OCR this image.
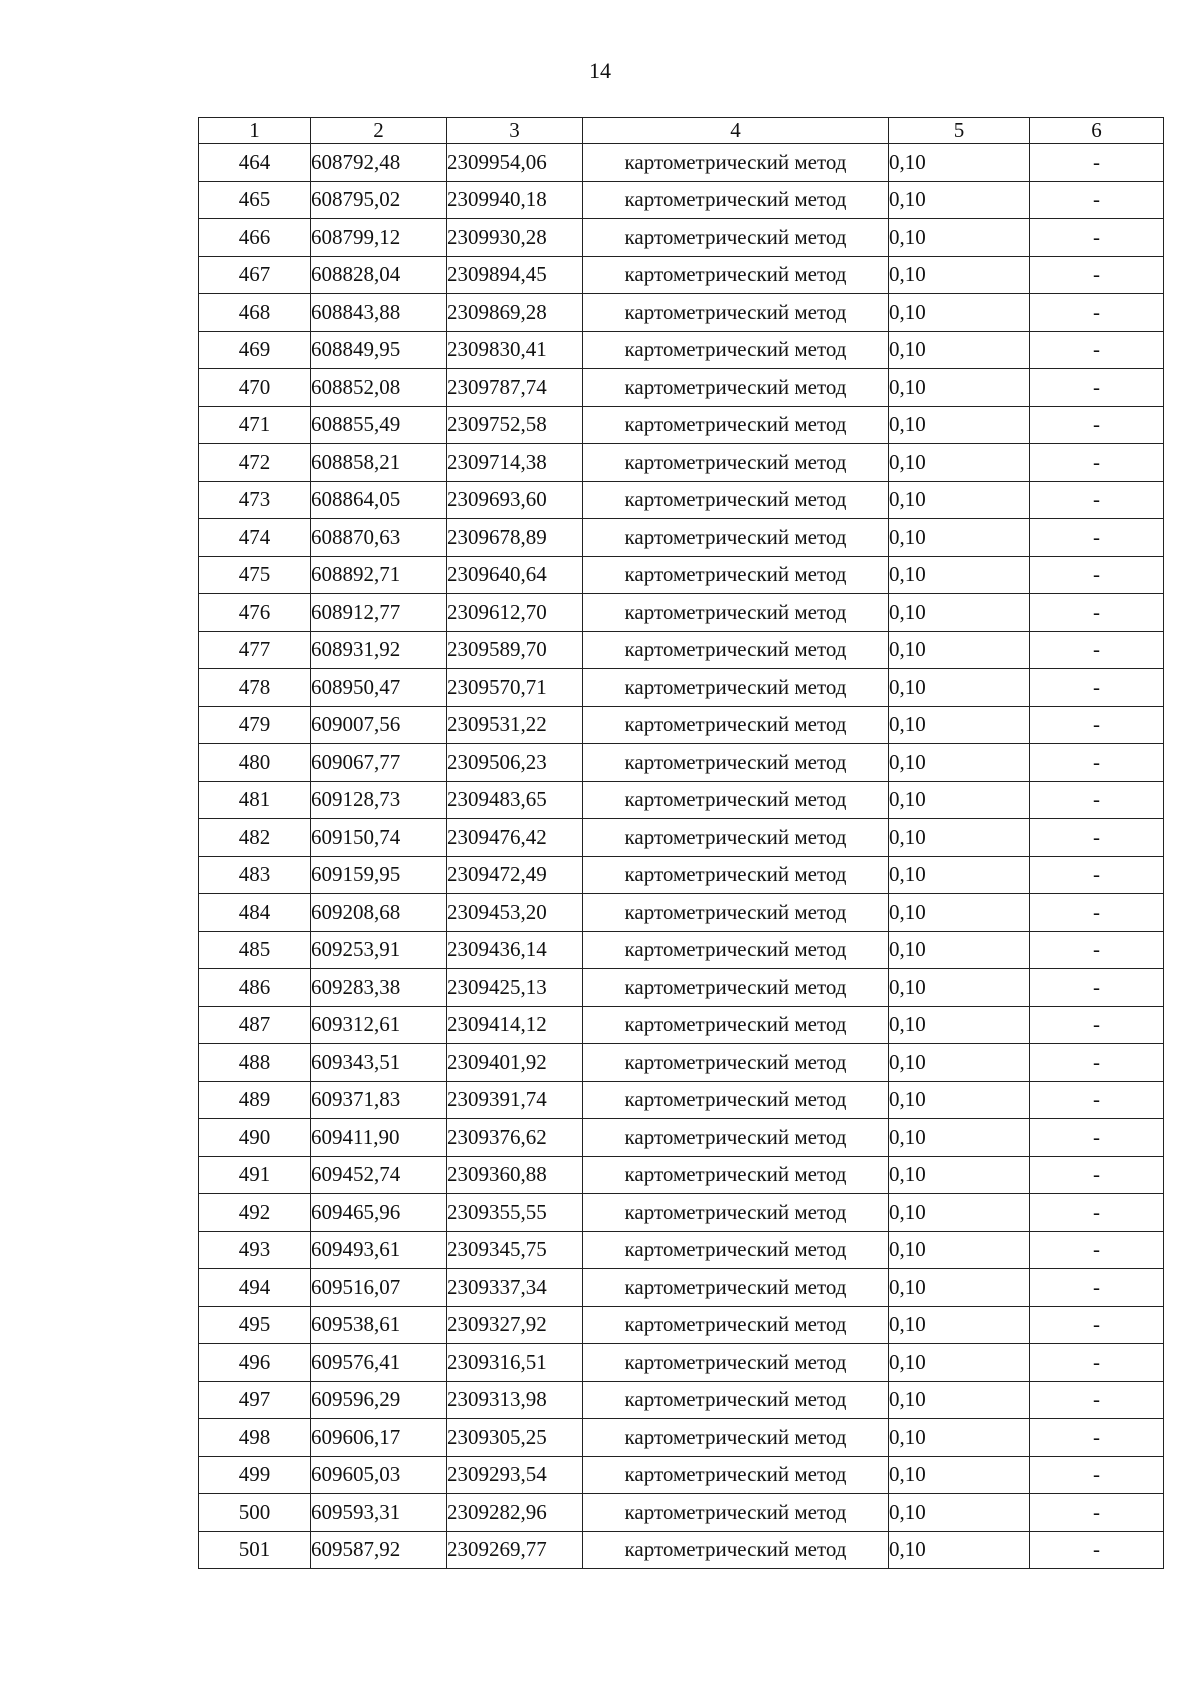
14
1	2	3	4	5	6
464	608792,48	2309954,06	картометрический метод	0,10	-
465	608795,02	2309940,18	картометрический метод	0,10	-
466	608799,12	2309930,28	картометрический метод	0,10	-
467	608828,04	2309894,45	картометрический метод	0,10	-
468	608843,88	2309869,28	картометрический метод	0,10	-
469	608849,95	2309830,41	картометрический метод	0,10	-
470	608852,08	2309787,74	картометрический метод	0,10	-
471	608855,49	2309752,58	картометрический метод	0,10	-
472	608858,21	2309714,38	картометрический метод	0,10	-
473	608864,05	2309693,60	картометрический метод	0,10	-
474	608870,63	2309678,89	картометрический метод	0,10	-
475	608892,71	2309640,64	картометрический метод	0,10	-
476	608912,77	2309612,70	картометрический метод	0,10	-
477	608931,92	2309589,70	картометрический метод	0,10	-
478	608950,47	2309570,71	картометрический метод	0,10	-
479	609007,56	2309531,22	картометрический метод	0,10	-
480	609067,77	2309506,23	картометрический метод	0,10	-
481	609128,73	2309483,65	картометрический метод	0,10	-
482	609150,74	2309476,42	картометрический метод	0,10	-
483	609159,95	2309472,49	картометрический метод	0,10	-
484	609208,68	2309453,20	картометрический метод	0,10	-
485	609253,91	2309436,14	картометрический метод	0,10	-
486	609283,38	2309425,13	картометрический метод	0,10	-
487	609312,61	2309414,12	картометрический метод	0,10	-
488	609343,51	2309401,92	картометрический метод	0,10	-
489	609371,83	2309391,74	картометрический метод	0,10	-
490	609411,90	2309376,62	картометрический метод	0,10	-
491	609452,74	2309360,88	картометрический метод	0,10	-
492	609465,96	2309355,55	картометрический метод	0,10	-
493	609493,61	2309345,75	картометрический метод	0,10	-
494	609516,07	2309337,34	картометрический метод	0,10	-
495	609538,61	2309327,92	картометрический метод	0,10	-
496	609576,41	2309316,51	картометрический метод	0,10	-
497	609596,29	2309313,98	картометрический метод	0,10	-
498	609606,17	2309305,25	картометрический метод	0,10	-
499	609605,03	2309293,54	картометрический метод	0,10	-
500	609593,31	2309282,96	картометрический метод	0,10	-
501	609587,92	2309269,77	картометрический метод	0,10	-
